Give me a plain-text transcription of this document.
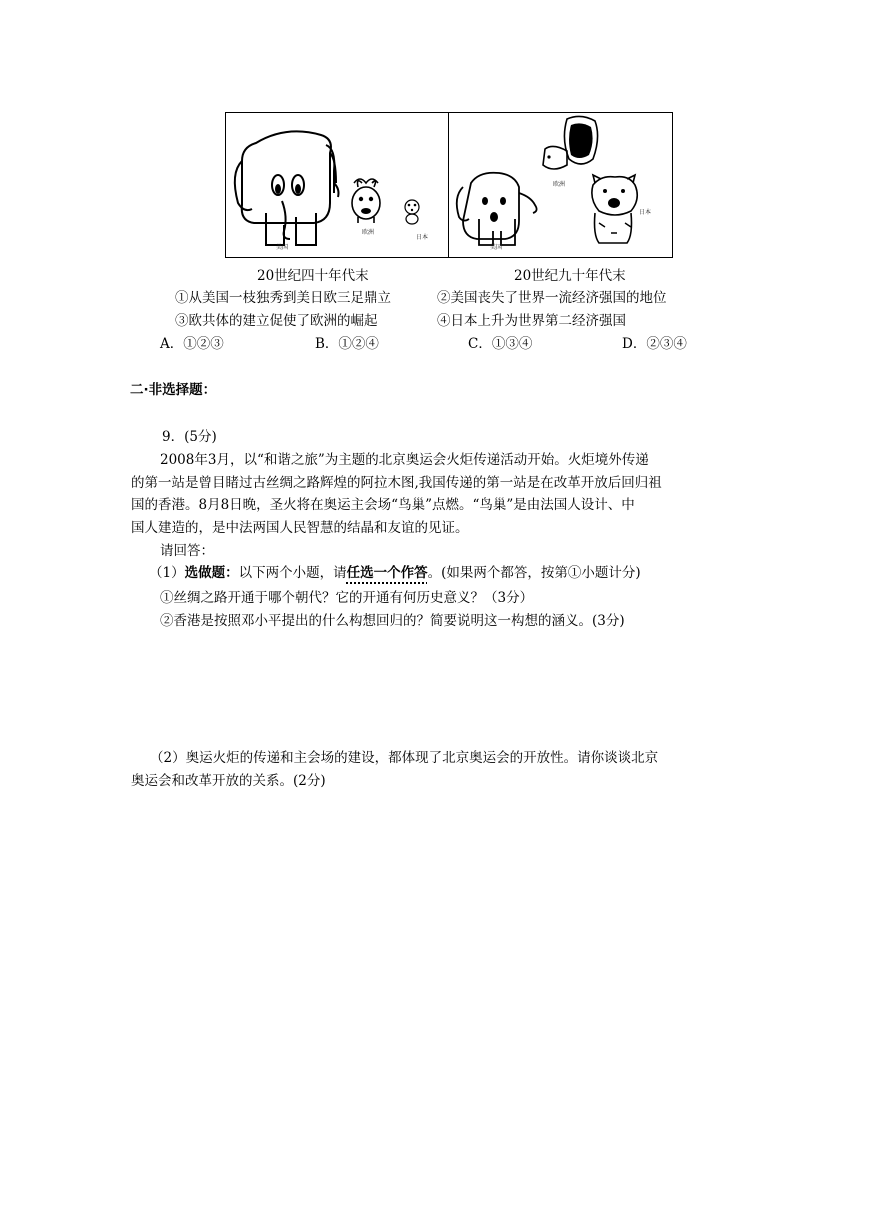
美国
欧洲
日本
美国
欧洲
日本
20世纪四十年代末	20世纪九十年代末
①从美国一枝独秀到美日欧三足鼎立	②美国丧失了世界一流经济强国的地位
③欧共体的建立促使了欧洲的崛起	④日本上升为世界第二经济强国
A．①②③	B．①②④	C．①③④	D．②③④
二·非选择题：
9．(5分)
2008年3月，以“和谐之旅”为主题的北京奥运会火炬传递活动开始。火炬境外传递
的第一站是曾目睹过古丝绸之路辉煌的阿拉木图,我国传递的第一站是在改革开放后回归祖
国的香港。8月8日晚，圣火将在奥运主会场“鸟巢”点燃。“鸟巢”是由法国人设计、中
国人建造的，是中法两国人民智慧的结晶和友谊的见证。
请回答：
（1）选做题：以下两个小题，请任选一个作答。(如果两个都答，按第①小题计分)
①丝绸之路开通于哪个朝代？它的开通有何历史意义？（3分）
②香港是按照邓小平提出的什么构想回归的？简要说明这一构想的涵义。(3分)
（2）奥运火炬的传递和主会场的建设，都体现了北京奥运会的开放性。请你谈谈北京
奥运会和改革开放的关系。(2分)
